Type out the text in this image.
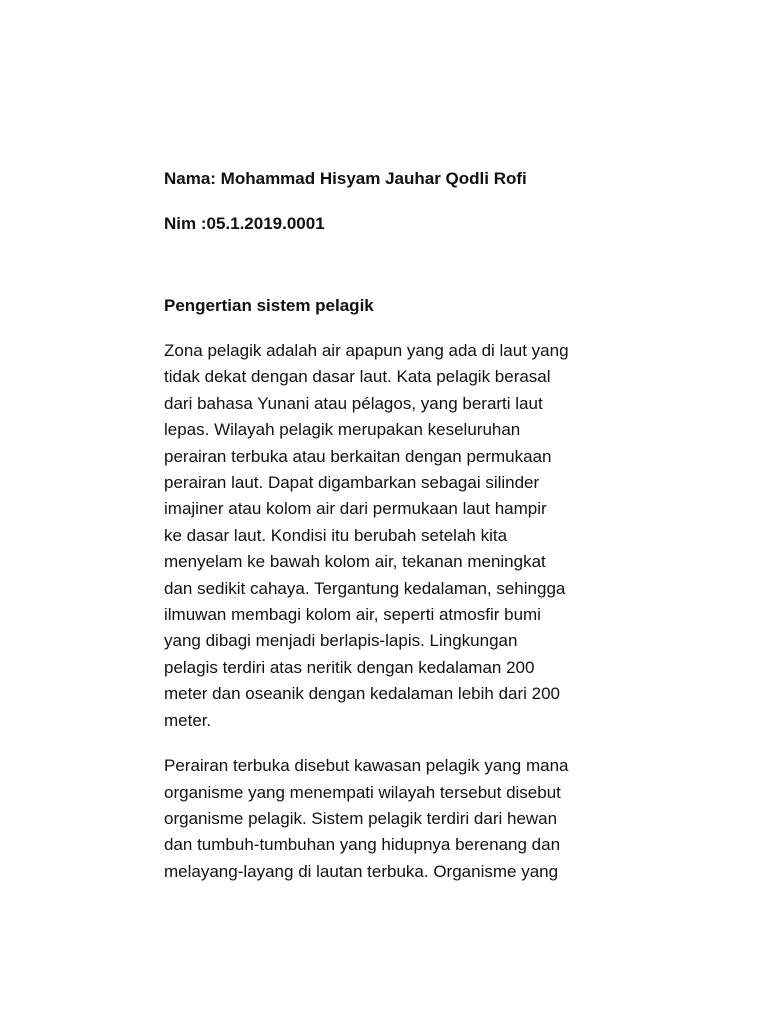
Nama: Mohammad Hisyam Jauhar Qodli Rofi

Nim :05.1.2019.0001

Pengertian sistem pelagik

Zona pelagik adalah air apapun yang ada di laut yang
tidak dekat dengan dasar laut. Kata pelagik berasal
dari bahasa Yunani atau pélagos, yang berarti laut
lepas. Wilayah pelagik merupakan keseluruhan
perairan terbuka atau berkaitan dengan permukaan
perairan laut. Dapat digambarkan sebagai silinder
imajiner atau kolom air dari permukaan laut hampir
ke dasar laut. Kondisi itu berubah setelah kita
menyelam ke bawah kolom air, tekanan meningkat
dan sedikit cahaya. Tergantung kedalaman, sehingga
ilmuwan membagi kolom air, seperti atmosfir bumi
yang dibagi menjadi berlapis-lapis. Lingkungan
pelagis terdiri atas neritik dengan kedalaman 200
meter dan oseanik dengan kedalaman lebih dari 200
meter.

Perairan terbuka disebut kawasan pelagik yang mana
organisme yang menempati wilayah tersebut disebut
organisme pelagik. Sistem pelagik terdiri dari hewan
dan tumbuh-tumbuhan yang hidupnya berenang dan
melayang-layang di lautan terbuka. Organisme yang
